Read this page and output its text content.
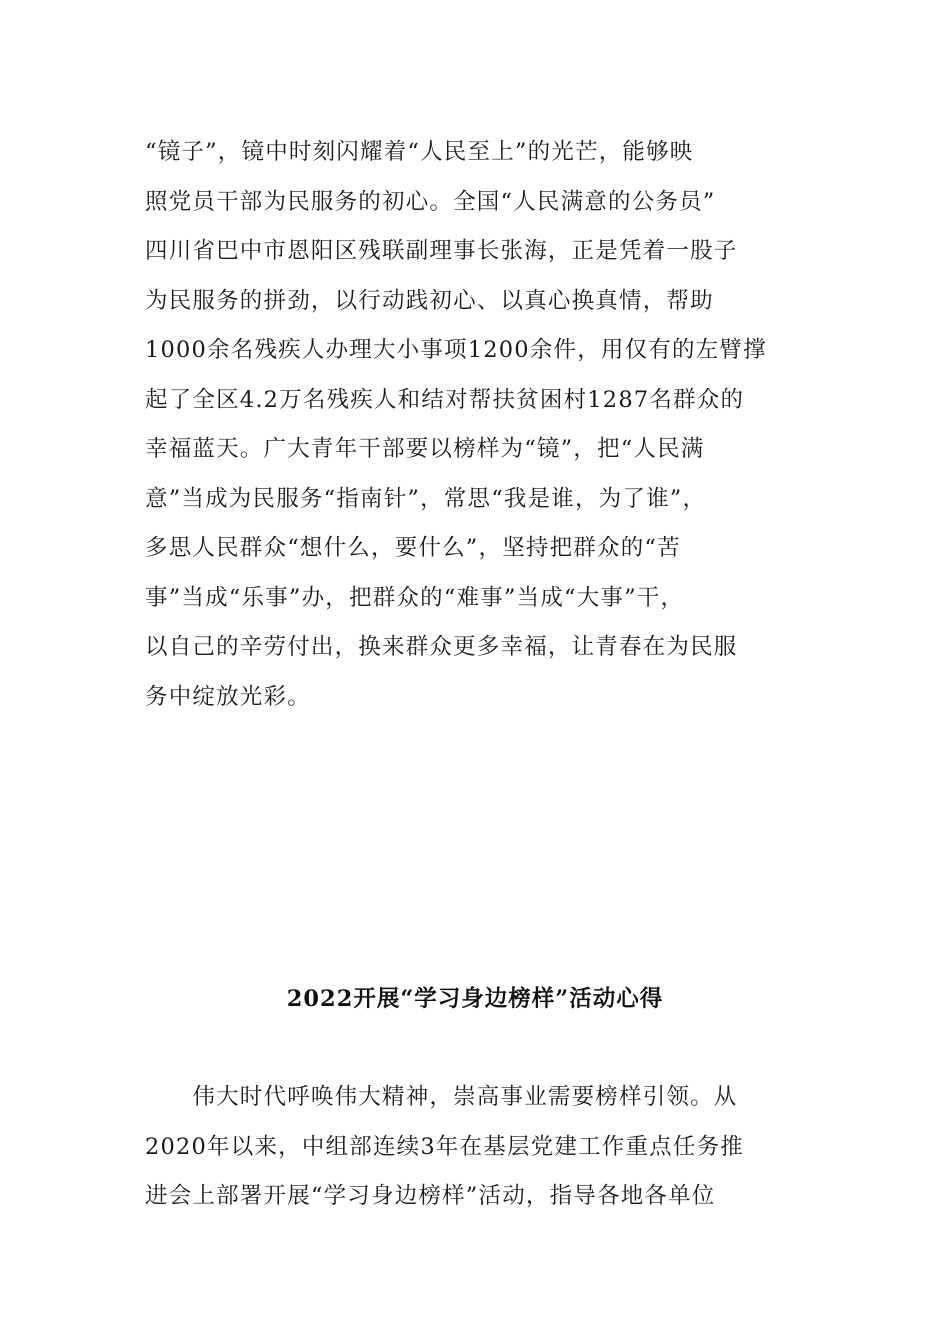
“镜子”，镜中时刻闪耀着“人民至上”的光芒，能够映
照党员干部为民服务的初心。全国“人民满意的公务员”
四川省巴中市恩阳区残联副理事长张海，正是凭着一股子
为民服务的拼劲，以行动践初心、以真心换真情，帮助
1000余名残疾人办理大小事项1200余件，用仅有的左臂撑
起了全区4.2万名残疾人和结对帮扶贫困村1287名群众的
幸福蓝天。广大青年干部要以榜样为“镜”，把“人民满
意”当成为民服务“指南针”，常思“我是谁，为了谁”，
多思人民群众“想什么，要什么”，坚持把群众的“苦
事”当成“乐事”办，把群众的“难事”当成“大事”干，
以自己的辛劳付出，换来群众更多幸福，让青春在为民服
务中绽放光彩。
2022开展“学习身边榜样”活动心得
　　伟大时代呼唤伟大精神，崇高事业需要榜样引领。从
2020年以来，中组部连续3年在基层党建工作重点任务推
进会上部署开展“学习身边榜样”活动，指导各地各单位
